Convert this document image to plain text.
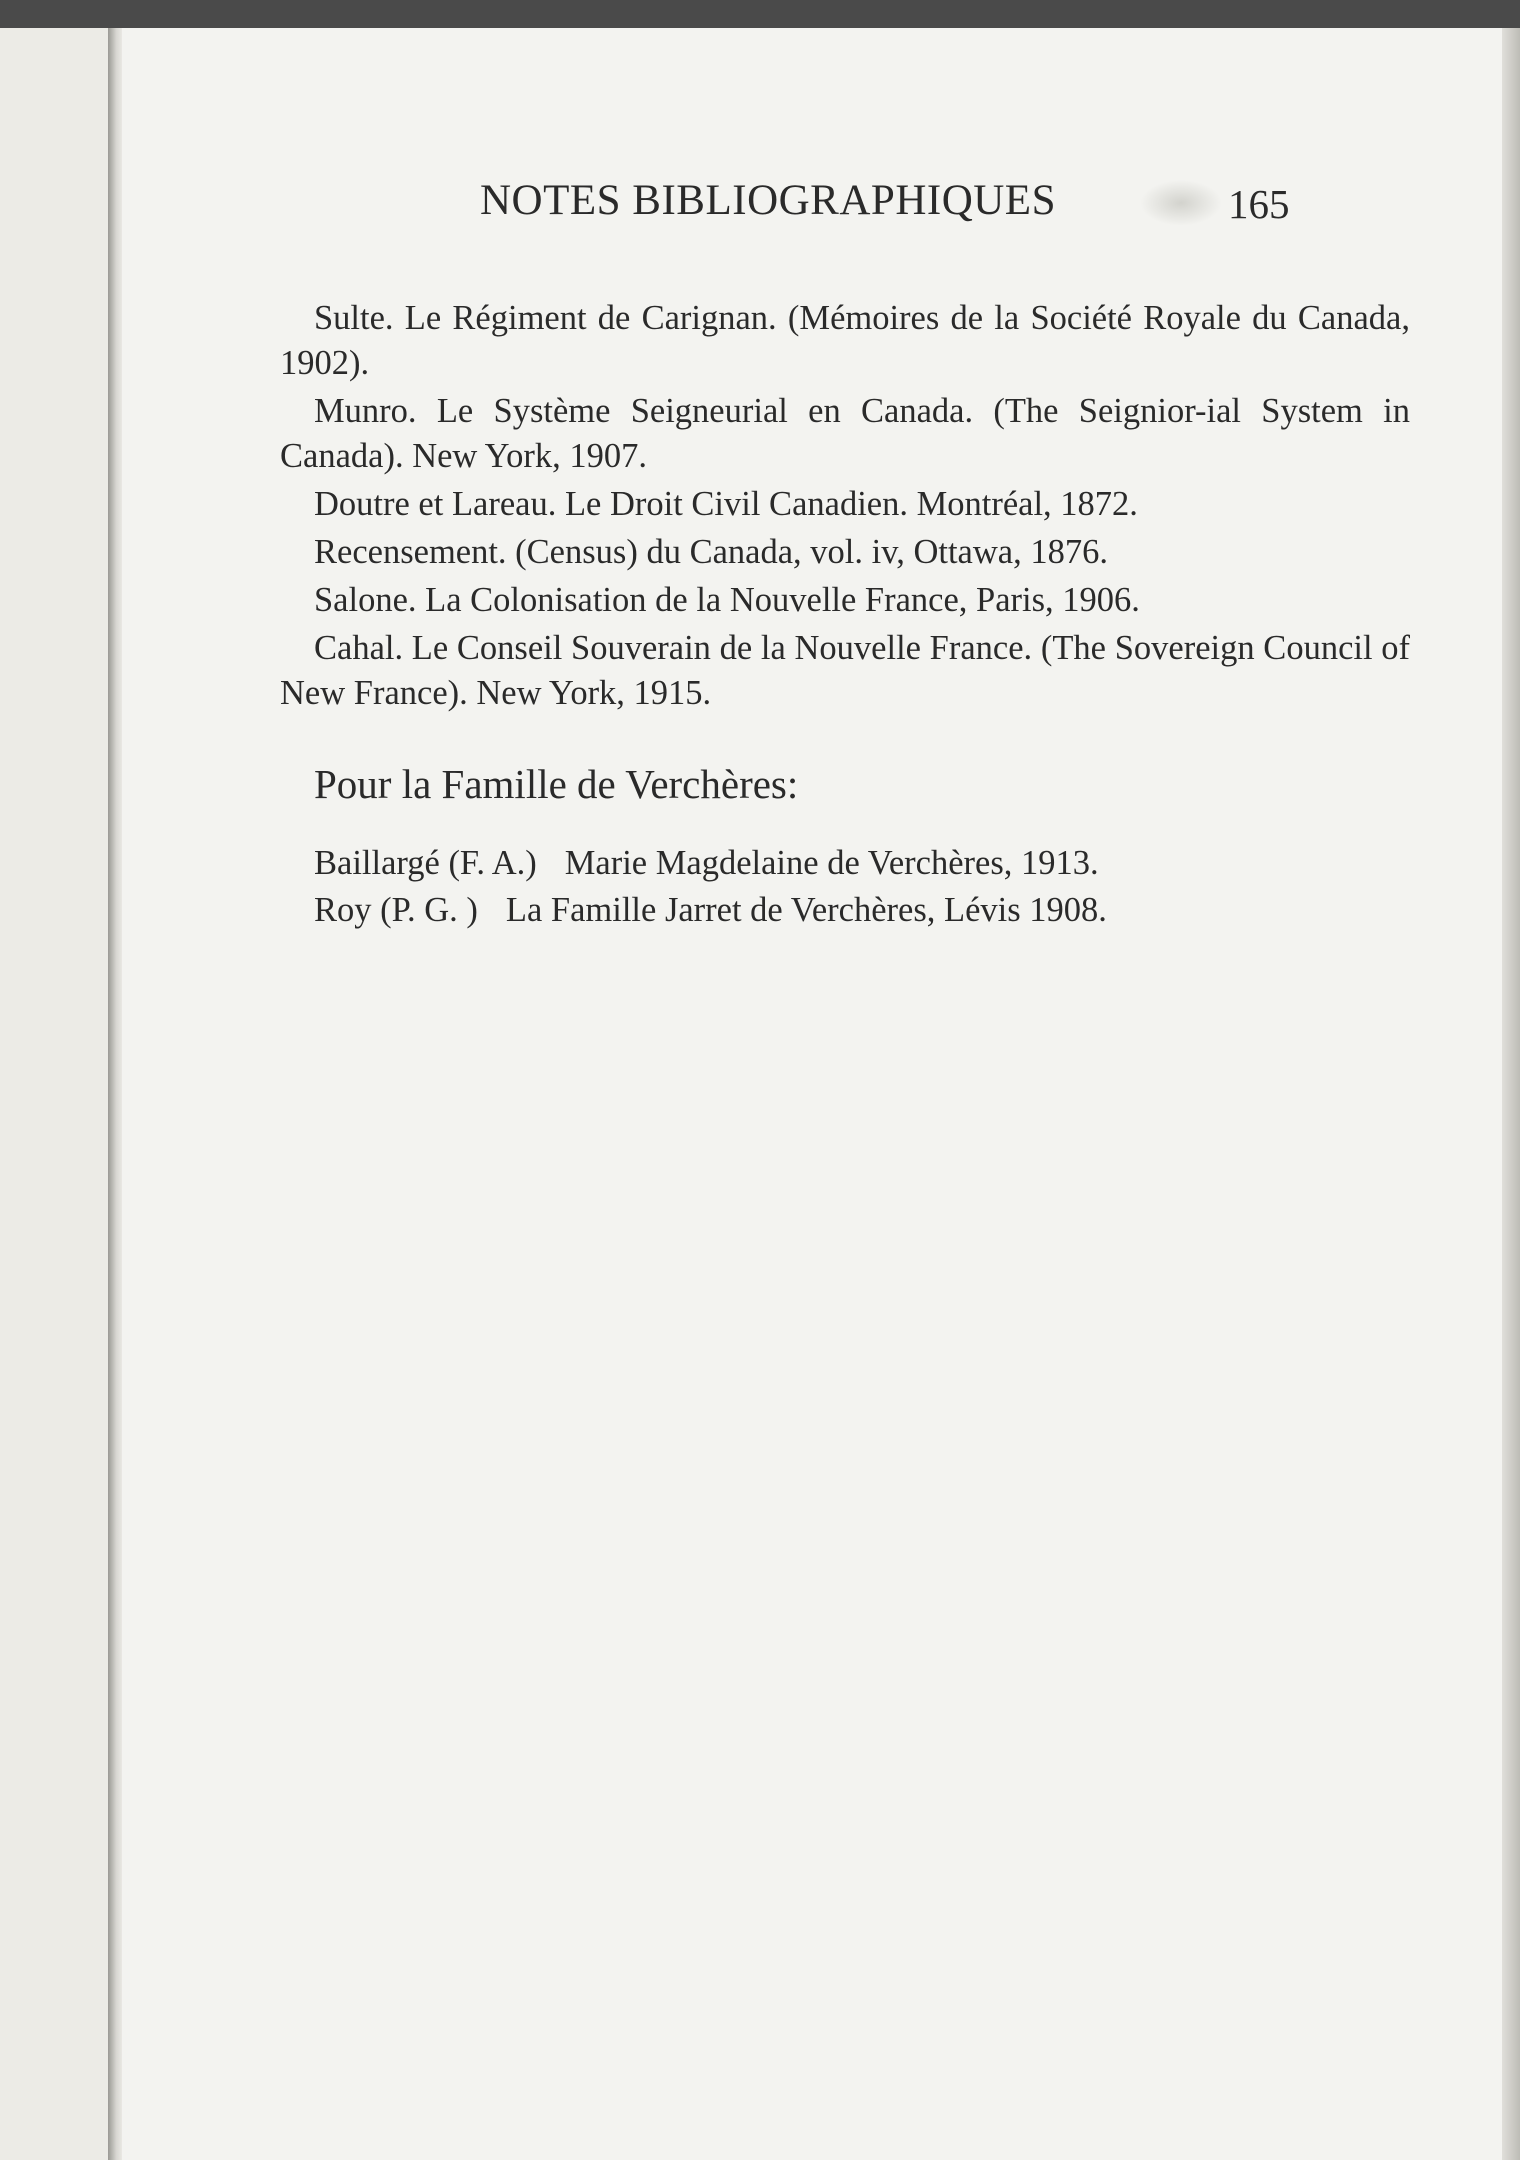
NOTES BIBLIOGRAPHIQUES	165

Sulte. Le Régiment de Carignan. (Mémoires de la Société Royale du Canada, 1902).

Munro. Le Système Seigneurial en Canada. (The Seignior-ial System in Canada). New York, 1907.

Doutre et Lareau. Le Droit Civil Canadien. Montréal, 1872.

Recensement. (Census) du Canada, vol. iv, Ottawa, 1876.

Salone. La Colonisation de la Nouvelle France, Paris, 1906.

Cahal. Le Conseil Souverain de la Nouvelle France. (The Sovereign Council of New France). New York, 1915.

Pour la Famille de Verchères:

Baillargé (F. A.) Marie Magdelaine de Verchères, 1913.

Roy (P. G. ) La Famille Jarret de Verchères, Lévis 1908.
